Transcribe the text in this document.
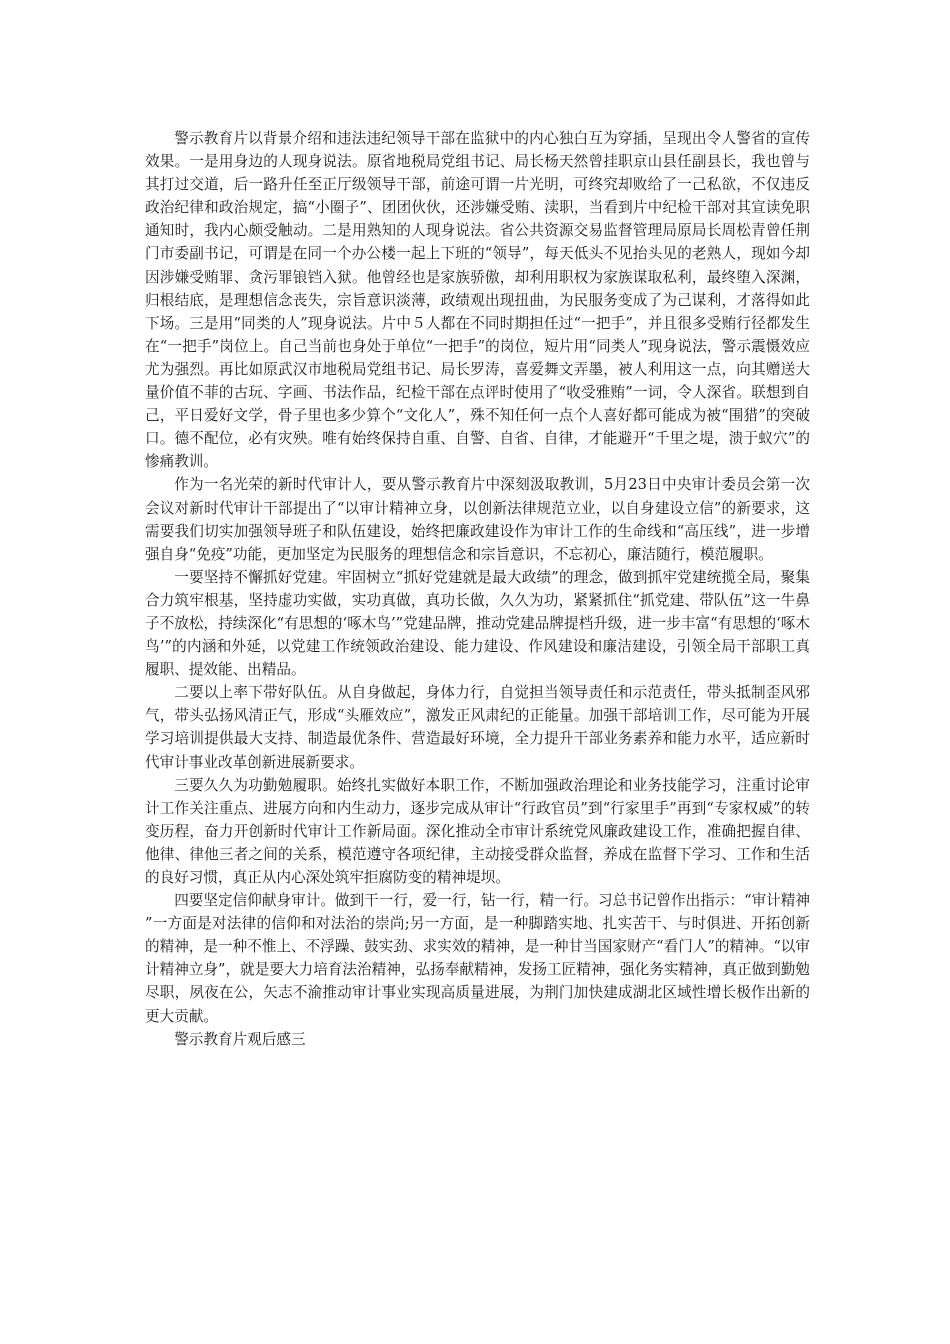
警示教育片以背景介绍和违法违纪领导干部在监狱中的内心独白互为穿插，呈现出令人警省的宣传效果。一是用身边的人现身说法。原省地税局党组书记、局长杨天然曾挂职京山县任副县长，我也曾与其打过交道，后一路升任至正厅级领导干部，前途可谓一片光明，可终究却败给了一己私欲，不仅违反政治纪律和政治规定，搞“小圈子”、团团伙伙，还涉嫌受贿、渎职，当看到片中纪检干部对其宣读免职通知时，我内心颇受触动。二是用熟知的人现身说法。省公共资源交易监督管理局原局长周松青曾任荆门市委副书记，可谓是在同一个办公楼一起上下班的“领导”，每天低头不见抬头见的老熟人，现如今却因涉嫌受贿罪、贪污罪锒铛入狱。他曾经也是家族骄傲，却利用职权为家族谋取私利，最终堕入深渊，归根结底，是理想信念丧失，宗旨意识淡薄，政绩观出现扭曲，为民服务变成了为己谋利，才落得如此下场。三是用“同类的人”现身说法。片中５人都在不同时期担任过“一把手”，并且很多受贿行径都发生在“一把手”岗位上。自己当前也身处于单位“一把手”的岗位，短片用“同类人”现身说法，警示震慑效应尤为强烈。再比如原武汉市地税局党组书记、局长罗涛，喜爱舞文弄墨，被人利用这一点，向其赠送大量价值不菲的古玩、字画、书法作品，纪检干部在点评时使用了“收受雅贿”一词，令人深省。联想到自己，平日爱好文学，骨子里也多少算个“文化人”，殊不知任何一点个人喜好都可能成为被“围猎”的突破口。德不配位，必有灾殃。唯有始终保持自重、自警、自省、自律，才能避开“千里之堤，溃于蚁穴”的惨痛教训。

作为一名光荣的新时代审计人，要从警示教育片中深刻汲取教训，5月23日中央审计委员会第一次会议对新时代审计干部提出了“以审计精神立身，以创新法律规范立业，以自身建设立信”的新要求，这需要我们切实加强领导班子和队伍建设，始终把廉政建设作为审计工作的生命线和“高压线”，进一步增强自身“免疫”功能，更加坚定为民服务的理想信念和宗旨意识，不忘初心，廉洁随行，模范履职。

一要坚持不懈抓好党建。牢固树立“抓好党建就是最大政绩”的理念，做到抓牢党建统揽全局，聚集合力筑牢根基，坚持虚功实做，实功真做，真功长做，久久为功，紧紧抓住“抓党建、带队伍”这一牛鼻子不放松，持续深化“有思想的‘啄木鸟’”党建品牌，推动党建品牌提档升级，进一步丰富“有思想的‘啄木鸟’”的内涵和外延，以党建工作统领政治建设、能力建设、作风建设和廉洁建设，引领全局干部职工真履职、提效能、出精品。

二要以上率下带好队伍。从自身做起，身体力行，自觉担当领导责任和示范责任，带头抵制歪风邪气，带头弘扬风清正气，形成“头雁效应”，激发正风肃纪的正能量。加强干部培训工作，尽可能为开展学习培训提供最大支持、制造最优条件、营造最好环境，全力提升干部业务素养和能力水平，适应新时代审计事业改革创新进展新要求。

三要久久为功勤勉履职。始终扎实做好本职工作，不断加强政治理论和业务技能学习，注重讨论审计工作关注重点、进展方向和内生动力，逐步完成从审计“行政官员”到“行家里手”再到“专家权威”的转变历程，奋力开创新时代审计工作新局面。深化推动全市审计系统党风廉政建设工作，准确把握自律、他律、律他三者之间的关系，模范遵守各项纪律，主动接受群众监督，养成在监督下学习、工作和生活的良好习惯，真正从内心深处筑牢拒腐防变的精神堤坝。

四要坚定信仰献身审计。做到干一行，爱一行，钻一行，精一行。习总书记曾作出指示：“审计精神”一方面是对法律的信仰和对法治的崇尚;另一方面，是一种脚踏实地、扎实苦干、与时俱进、开拓创新的精神，是一种不惟上、不浮躁、鼓实劲、求实效的精神，是一种甘当国家财产“看门人”的精神。“以审计精神立身”，就是要大力培育法治精神，弘扬奉献精神，发扬工匠精神，强化务实精神，真正做到勤勉尽职，夙夜在公，矢志不渝推动审计事业实现高质量进展，为荆门加快建成湖北区域性增长极作出新的更大贡献。

警示教育片观后感三
